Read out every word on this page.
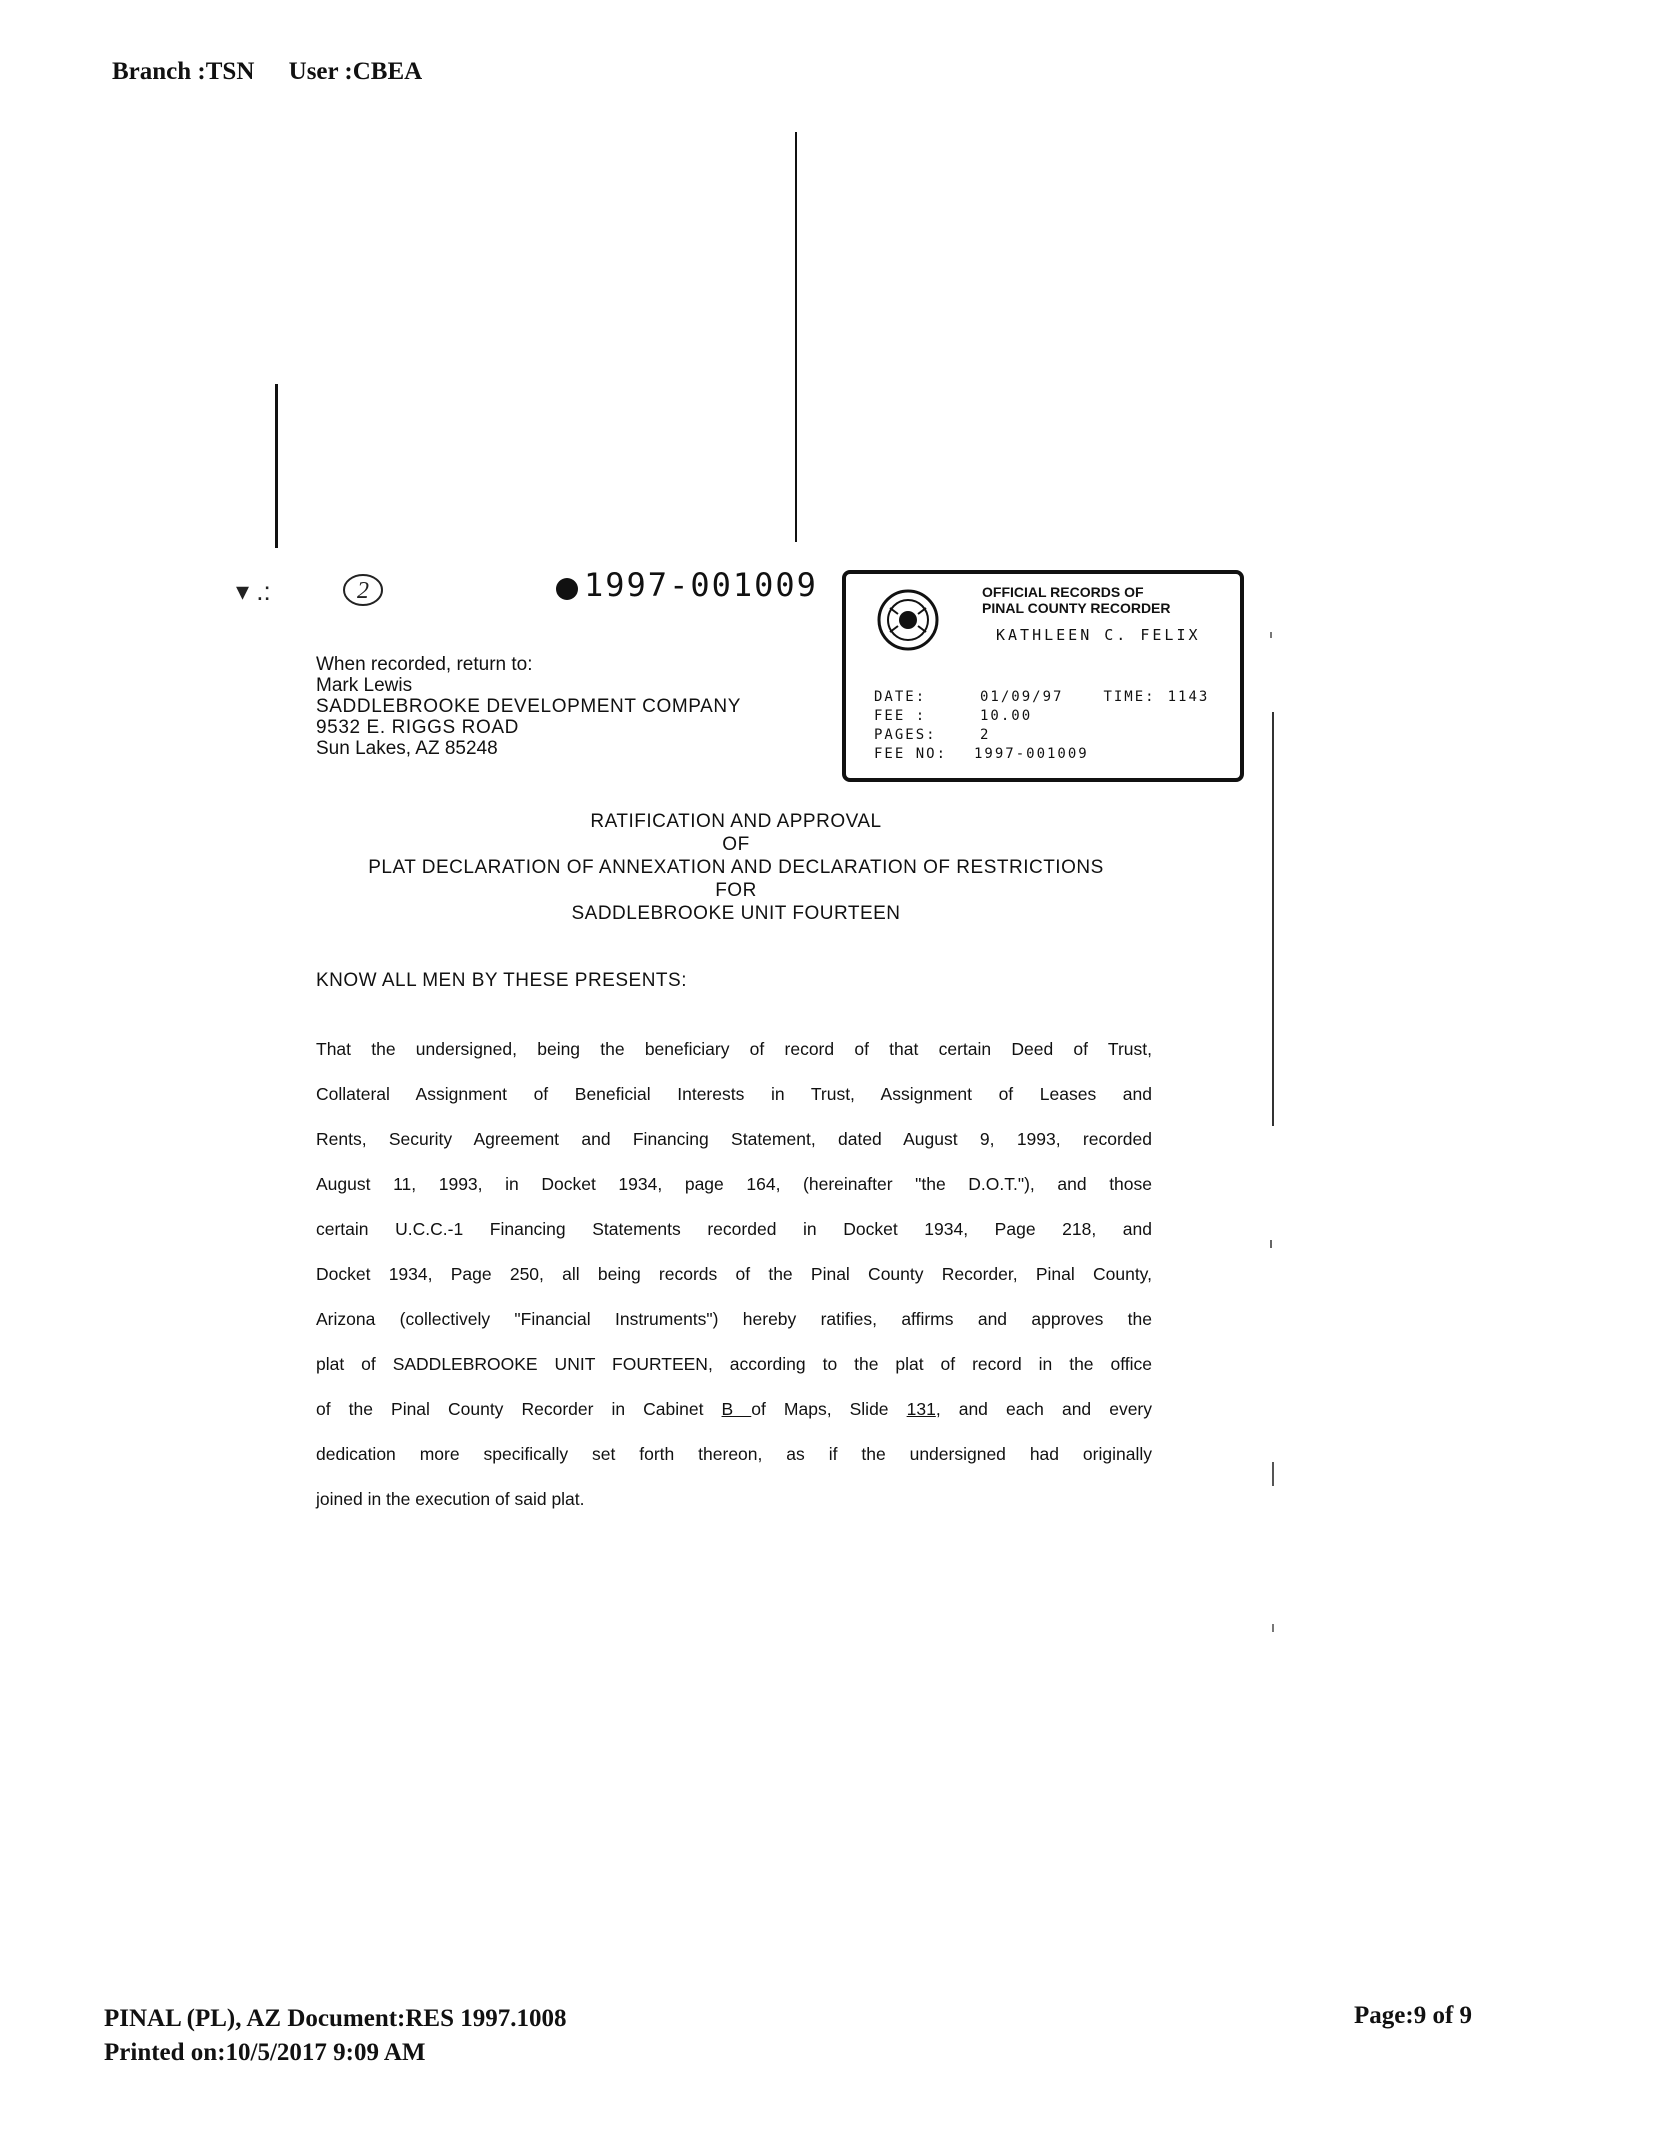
Branch :TSN User :CBEA
▾ .:	2	1997-001009	OFFICIAL RECORDS OF
PINAL COUNTY RECORDER
KATHLEEN C. FELIX
DATE:	01/09/97	TIME: 1143
FEE :	10.00
PAGES:	2
FEE NO:	1997-001009
When recorded, return to:
Mark Lewis
SADDLEBROOKE DEVELOPMENT COMPANY
9532 E. RIGGS ROAD
Sun Lakes, AZ 85248
RATIFICATION AND APPROVAL
OF
PLAT DECLARATION OF ANNEXATION AND DECLARATION OF RESTRICTIONS
FOR
SADDLEBROOKE UNIT FOURTEEN
KNOW ALL MEN BY THESE PRESENTS:
That the undersigned, being the beneficiary of record of that certain Deed of Trust,
Collateral Assignment of Beneficial Interests in Trust, Assignment of Leases and
Rents, Security Agreement and Financing Statement, dated August 9, 1993, recorded
August 11, 1993, in Docket 1934, page 164, (hereinafter "the D.O.T."), and those
certain U.C.C.-1 Financing Statements recorded in Docket 1934, Page 218, and
Docket 1934, Page 250, all being records of the Pinal County Recorder, Pinal County,
Arizona (collectively "Financial Instruments") hereby ratifies, affirms and approves the
plat of SADDLEBROOKE UNIT FOURTEEN, according to the plat of record in the office
of the Pinal County Recorder in Cabinet B of Maps, Slide 131, and each and every
dedication more specifically set forth thereon, as if the undersigned had originally
joined in the execution of said plat.
PINAL (PL), AZ Document:RES 1997.1008
Printed on:10/5/2017 9:09 AM
Page:9 of 9
